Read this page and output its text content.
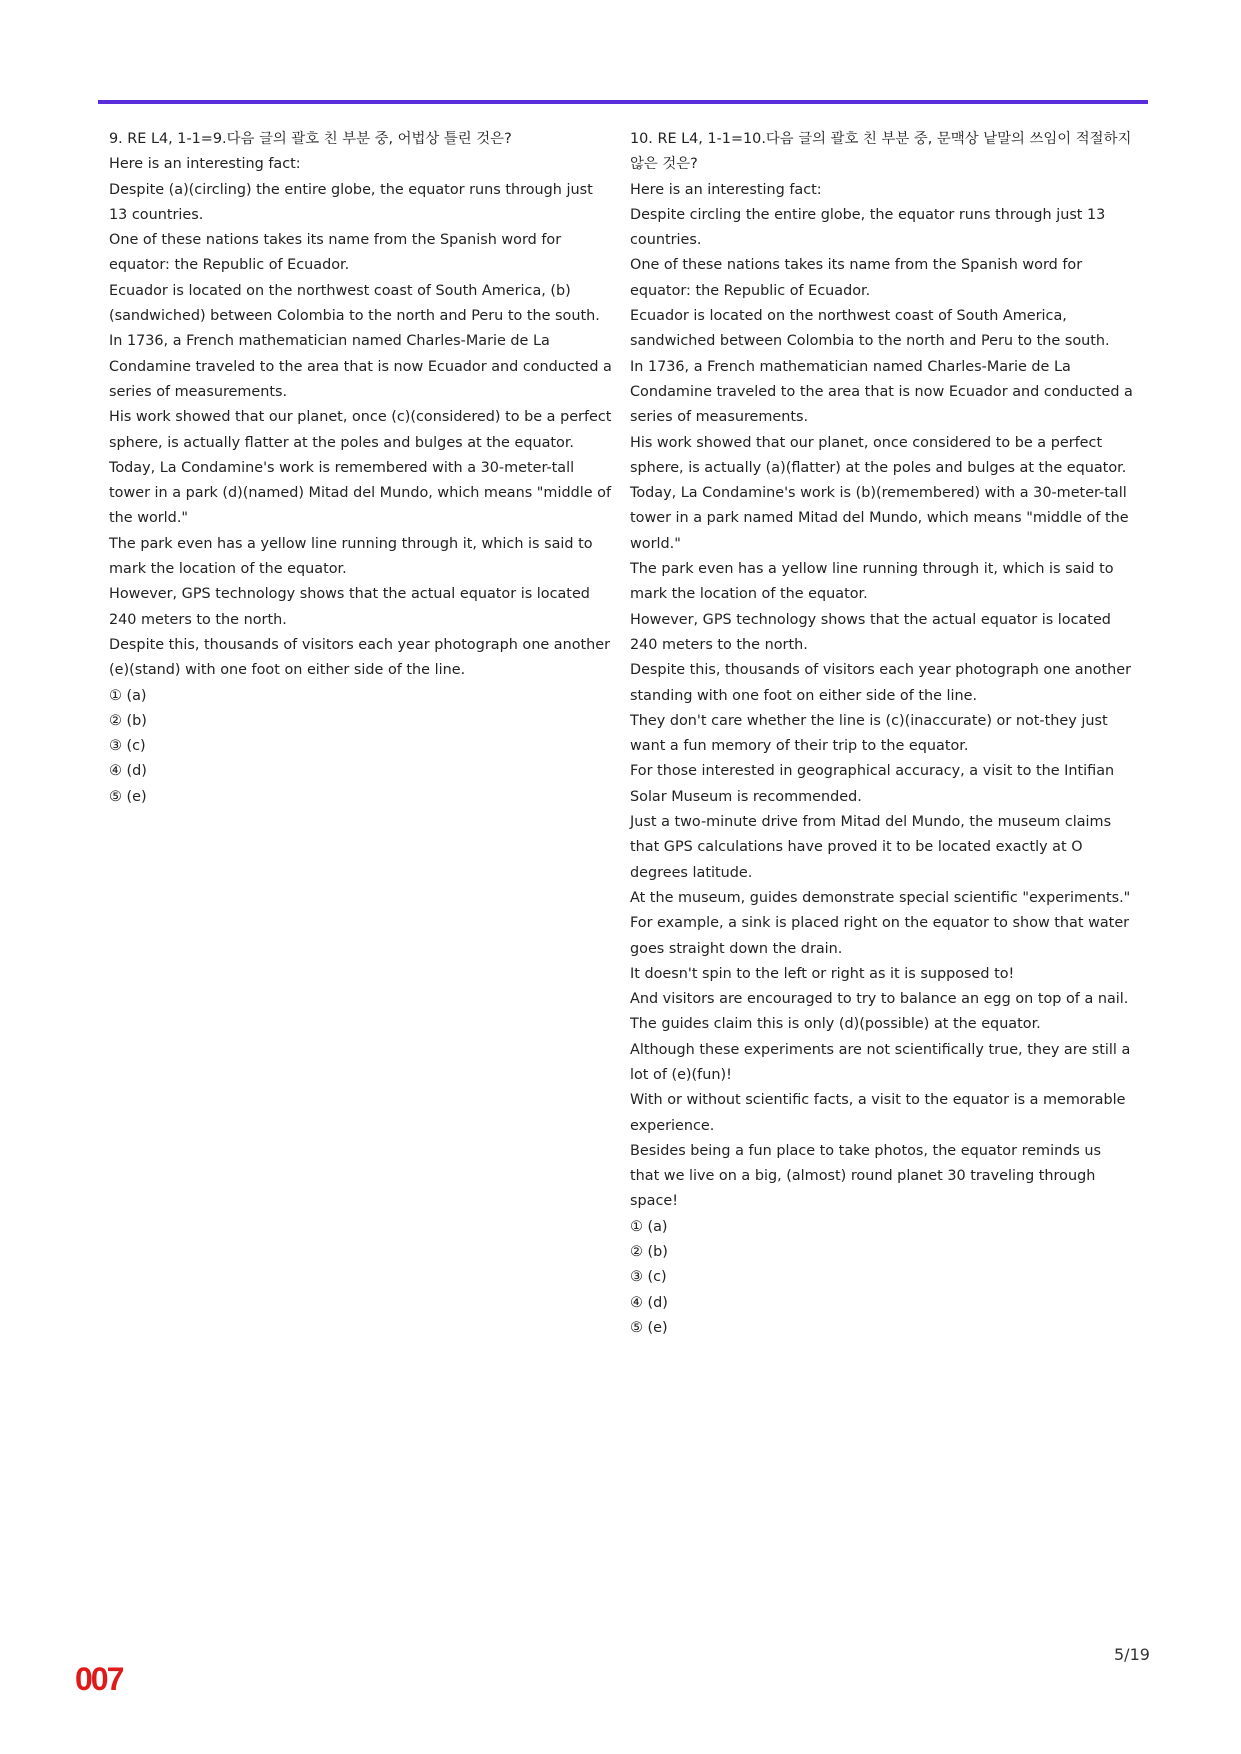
9. RE L4, 1-1=9.다음 글의 괄호 친 부분 중, 어법상 틀린 것은?

Here is an interesting fact:

Despite (a)(circling) the entire globe, the equator runs through just 13 countries.

One of these nations takes its name from the Spanish word for equator: the Republic of Ecuador.

Ecuador is located on the northwest coast of South America, (b)(sandwiched) between Colombia to the north and Peru to the south.

In 1736, a French mathematician named Charles-Marie de La Condamine traveled to the area that is now Ecuador and conducted a series of measurements.

His work showed that our planet, once (c)(considered) to be a perfect sphere, is actually flatter at the poles and bulges at the equator.

Today, La Condamine's work is remembered with a 30-meter-tall tower in a park (d)(named) Mitad del Mundo, which means "middle of the world."

The park even has a yellow line running through it, which is said to mark the location of the equator.

However, GPS technology shows that the actual equator is located 240 meters to the north.

Despite this, thousands of visitors each year photograph one another (e)(stand) with one foot on either side of the line.

① (a)

② (b)

③ (c)

④ (d)

⑤ (e)

10. RE L4, 1-1=10.다음 글의 괄호 친 부분 중, 문맥상 낱말의 쓰임이 적절하지 않은 것은?

Here is an interesting fact:

Despite circling the entire globe, the equator runs through just 13 countries.

One of these nations takes its name from the Spanish word for equator: the Republic of Ecuador.

Ecuador is located on the northwest coast of South America, sandwiched between Colombia to the north and Peru to the south.

In 1736, a French mathematician named Charles-Marie de La Condamine traveled to the area that is now Ecuador and conducted a series of measurements.

His work showed that our planet, once considered to be a perfect sphere, is actually (a)(flatter) at the poles and bulges at the equator.

Today, La Condamine's work is (b)(remembered) with a 30-meter-tall tower in a park named Mitad del Mundo, which means "middle of the world."

The park even has a yellow line running through it, which is said to mark the location of the equator.

However, GPS technology shows that the actual equator is located 240 meters to the north.

Despite this, thousands of visitors each year photograph one another standing with one foot on either side of the line.

They don't care whether the line is (c)(inaccurate) or not-they just want a fun memory of their trip to the equator.

For those interested in geographical accuracy, a visit to the Intifian Solar Museum is recommended.

Just a two-minute drive from Mitad del Mundo, the museum claims that GPS calculations have proved it to be located exactly at O degrees latitude.

At the museum, guides demonstrate special scientific "experiments."

For example, a sink is placed right on the equator to show that water goes straight down the drain.

It doesn't spin to the left or right as it is supposed to!

And visitors are encouraged to try to balance an egg on top of a nail.

The guides claim this is only (d)(possible) at the equator.

Although these experiments are not scientifically true, they are still a lot of (e)(fun)!

With or without scientific facts, a visit to the equator is a memorable experience.

Besides being a fun place to take photos, the equator reminds us that we live on a big, (almost) round planet 30 traveling through space!

① (a)

② (b)

③ (c)

④ (d)

⑤ (e)

5/19
007
